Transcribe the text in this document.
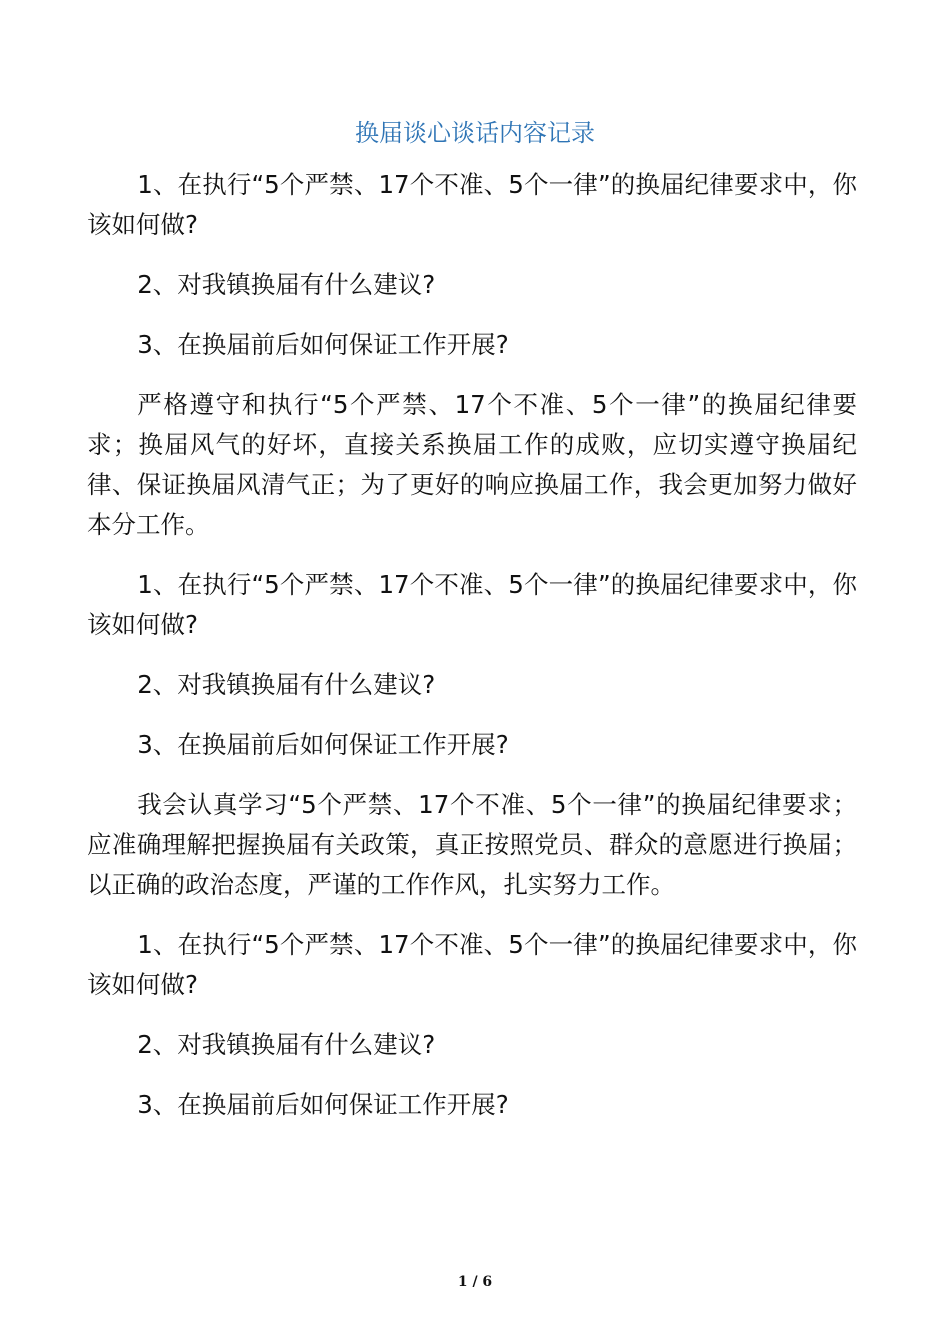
换届谈心谈话内容记录

1、在执行“5个严禁、17个不准、5个一律”的换届纪律要求中，你该如何做?

2、对我镇换届有什么建议?

3、在换届前后如何保证工作开展?

严格遵守和执行“5个严禁、17个不准、5个一律”的换届纪律要求；换届风气的好坏，直接关系换届工作的成败，应切实遵守换届纪律、保证换届风清气正；为了更好的响应换届工作，我会更加努力做好本分工作。

1、在执行“5个严禁、17个不准、5个一律”的换届纪律要求中，你该如何做?

2、对我镇换届有什么建议?

3、在换届前后如何保证工作开展?

我会认真学习“5个严禁、17个不准、5个一律”的换届纪律要求；应准确理解把握换届有关政策，真正按照党员、群众的意愿进行换届；以正确的政治态度，严谨的工作作风，扎实努力工作。

1、在执行“5个严禁、17个不准、5个一律”的换届纪律要求中，你该如何做?

2、对我镇换届有什么建议?

3、在换届前后如何保证工作开展?

1 / 6
